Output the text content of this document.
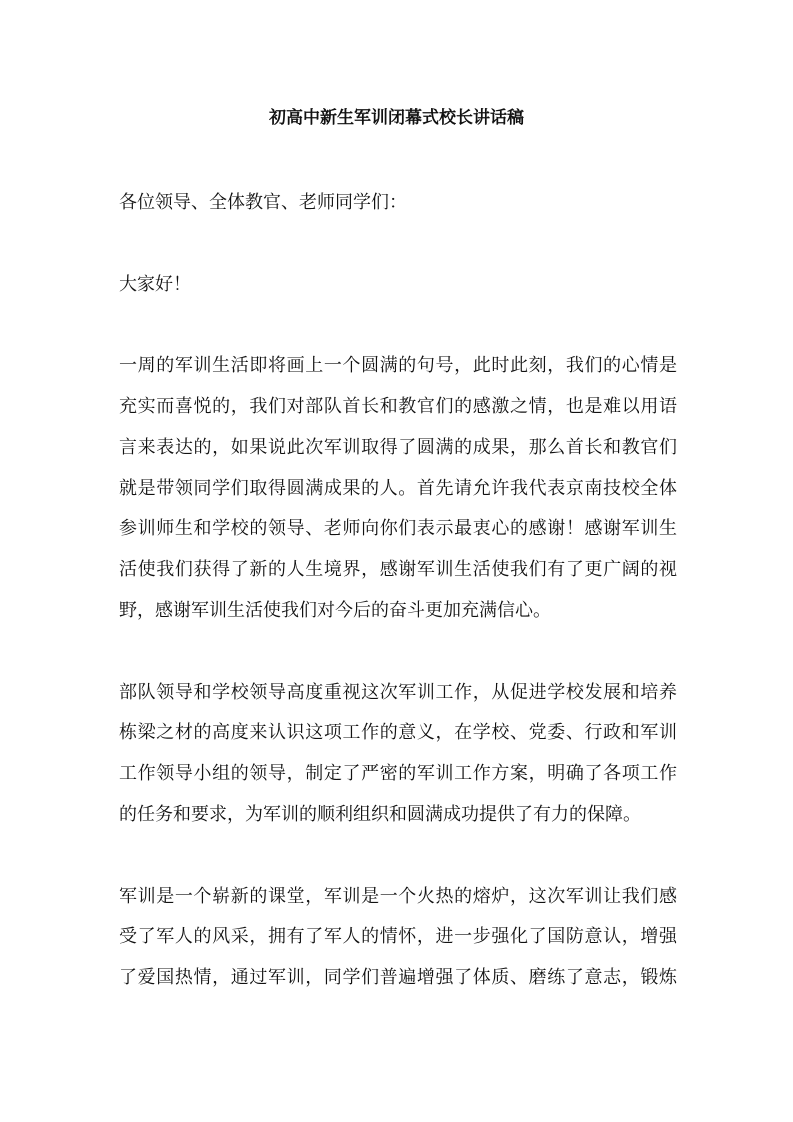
初高中新生军训闭幕式校长讲话稿
各位领导、全体教官、老师同学们：
大家好！
一周的军训生活即将画上一个圆满的句号，此时此刻，我们的心情是
充实而喜悦的，我们对部队首长和教官们的感激之情，也是难以用语
言来表达的，如果说此次军训取得了圆满的成果，那么首长和教官们
就是带领同学们取得圆满成果的人。首先请允许我代表京南技校全体
参训师生和学校的领导、老师向你们表示最衷心的感谢！感谢军训生
活使我们获得了新的人生境界，感谢军训生活使我们有了更广阔的视
野，感谢军训生活使我们对今后的奋斗更加充满信心。
部队领导和学校领导高度重视这次军训工作，从促进学校发展和培养
栋梁之材的高度来认识这项工作的意义，在学校、党委、行政和军训
工作领导小组的领导，制定了严密的军训工作方案，明确了各项工作
的任务和要求，为军训的顺利组织和圆满成功提供了有力的保障。
军训是一个崭新的课堂，军训是一个火热的熔炉，这次军训让我们感
受了军人的风采，拥有了军人的情怀，进一步强化了国防意认，增强
了爱国热情，通过军训，同学们普遍增强了体质、磨练了意志，锻炼
